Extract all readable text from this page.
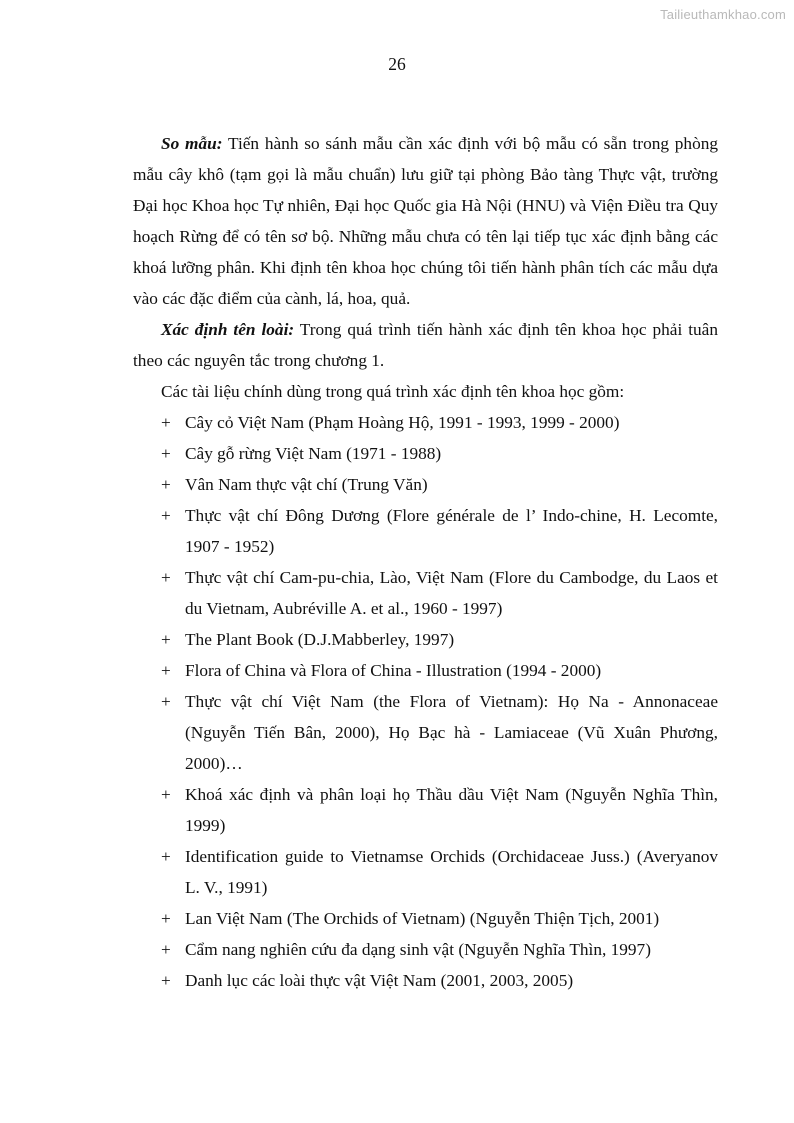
Tailieuthamkhao.com
26

So mẫu: Tiến hành so sánh mẫu cần xác định với bộ mẫu có sẵn trong phòng mẫu cây khô (tạm gọi là mẫu chuẩn) lưu giữ tại phòng Bảo tàng Thực vật, trường Đại học Khoa học Tự nhiên, Đại học Quốc gia Hà Nội (HNU) và Viện Điều tra Quy hoạch Rừng để có tên sơ bộ. Những mẫu chưa có tên lại tiếp tục xác định bằng các khoá lưỡng phân. Khi định tên khoa học chúng tôi tiến hành phân tích các mẫu dựa vào các đặc điểm của cành, lá, hoa, quả.

Xác định tên loài: Trong quá trình tiến hành xác định tên khoa học phải tuân theo các nguyên tắc trong chương 1.

Các tài liệu chính dùng trong quá trình xác định tên khoa học gồm:

+ Cây cỏ Việt Nam (Phạm Hoàng Hộ, 1991 - 1993, 1999 - 2000)
+ Cây gỗ rừng Việt Nam (1971 - 1988)
+ Vân Nam thực vật chí (Trung Văn)
+ Thực vật chí Đông Dương (Flore générale de l’ Indo-chine, H. Lecomte, 1907 - 1952)
+ Thực vật chí Cam-pu-chia, Lào, Việt Nam (Flore du Cambodge, du Laos et du Vietnam, Aubréville A. et al., 1960 - 1997)
+ The Plant Book (D.J.Mabberley, 1997)
+ Flora of China và Flora of China - Illustration (1994 - 2000)
+ Thực vật chí Việt Nam (the Flora of Vietnam): Họ Na - Annonaceae (Nguyễn Tiến Bân, 2000), Họ Bạc hà - Lamiaceae (Vũ Xuân Phương, 2000)…
+ Khoá xác định và phân loại họ Thầu dầu Việt Nam (Nguyễn Nghĩa Thìn, 1999)
+ Identification guide to Vietnamse Orchids (Orchidaceae Juss.) (Averyanov L. V., 1991)
+ Lan Việt Nam (The Orchids of Vietnam) (Nguyễn Thiện Tịch, 2001)
+ Cẩm nang nghiên cứu đa dạng sinh vật (Nguyễn Nghĩa Thìn, 1997)
+ Danh lục các loài thực vật Việt Nam (2001, 2003, 2005)
